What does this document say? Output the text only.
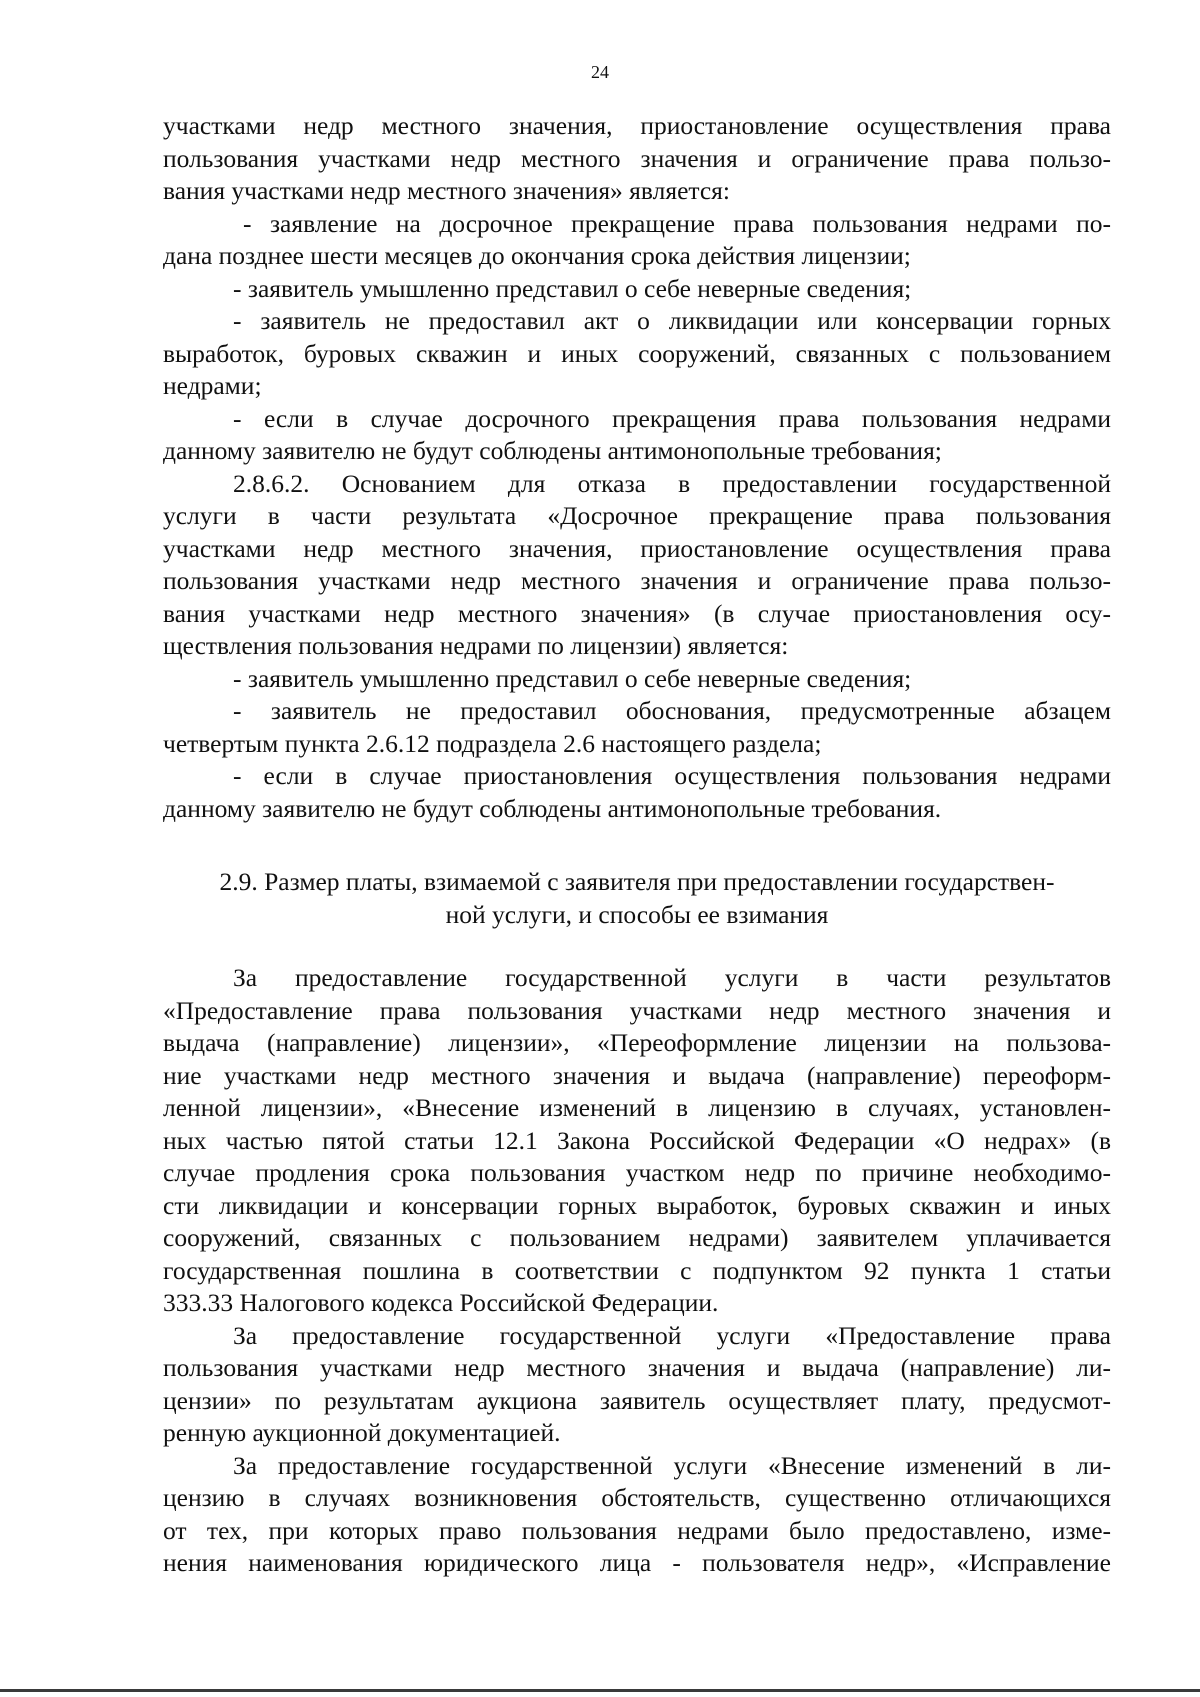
24
участками недр местного значения, приостановление осуществления права
пользования участками недр местного значения и ограничение права пользо-
вания участками недр местного значения» является:
- заявление на досрочное прекращение права пользования недрами по-
дана позднее шести месяцев до окончания срока действия лицензии;
- заявитель умышленно представил о себе неверные сведения;
- заявитель не предоставил акт о ликвидации или консервации горных
выработок, буровых скважин и иных сооружений, связанных с пользованием
недрами;
- если в случае досрочного прекращения права пользования недрами
данному заявителю не будут соблюдены антимонопольные требования;
2.8.6.2. Основанием для отказа в предоставлении государственной
услуги в части результата «Досрочное прекращение права пользования
участками недр местного значения, приостановление осуществления права
пользования участками недр местного значения и ограничение права пользо-
вания участками недр местного значения» (в случае приостановления осу-
ществления пользования недрами по лицензии) является:
- заявитель умышленно представил о себе неверные сведения;
- заявитель не предоставил обоснования, предусмотренные абзацем
четвертым пункта 2.6.12 подраздела 2.6 настоящего раздела;
- если в случае приостановления осуществления пользования недрами
данному заявителю не будут соблюдены антимонопольные требования.
2.9. Размер платы, взимаемой с заявителя при предоставлении государствен-
ной услуги, и способы ее взимания
За предоставление государственной услуги в части результатов
«Предоставление права пользования участками недр местного значения и
выдача (направление) лицензии», «Переоформление лицензии на пользова-
ние участками недр местного значения и выдача (направление) переоформ-
ленной лицензии», «Внесение изменений в лицензию в случаях, установлен-
ных частью пятой статьи 12.1 Закона Российской Федерации «О недрах» (в
случае продления срока пользования участком недр по причине необходимо-
сти ликвидации и консервации горных выработок, буровых скважин и иных
сооружений, связанных с пользованием недрами) заявителем уплачивается
государственная пошлина в соответствии с подпунктом 92 пункта 1 статьи
333.33 Налогового кодекса Российской Федерации.
За предоставление государственной услуги «Предоставление права
пользования участками недр местного значения и выдача (направление) ли-
цензии» по результатам аукциона заявитель осуществляет плату, предусмот-
ренную аукционной документацией.
За предоставление государственной услуги «Внесение изменений в ли-
цензию в случаях возникновения обстоятельств, существенно отличающихся
от тех, при которых право пользования недрами было предоставлено, изме-
нения наименования юридического лица - пользователя недр», «Исправление
